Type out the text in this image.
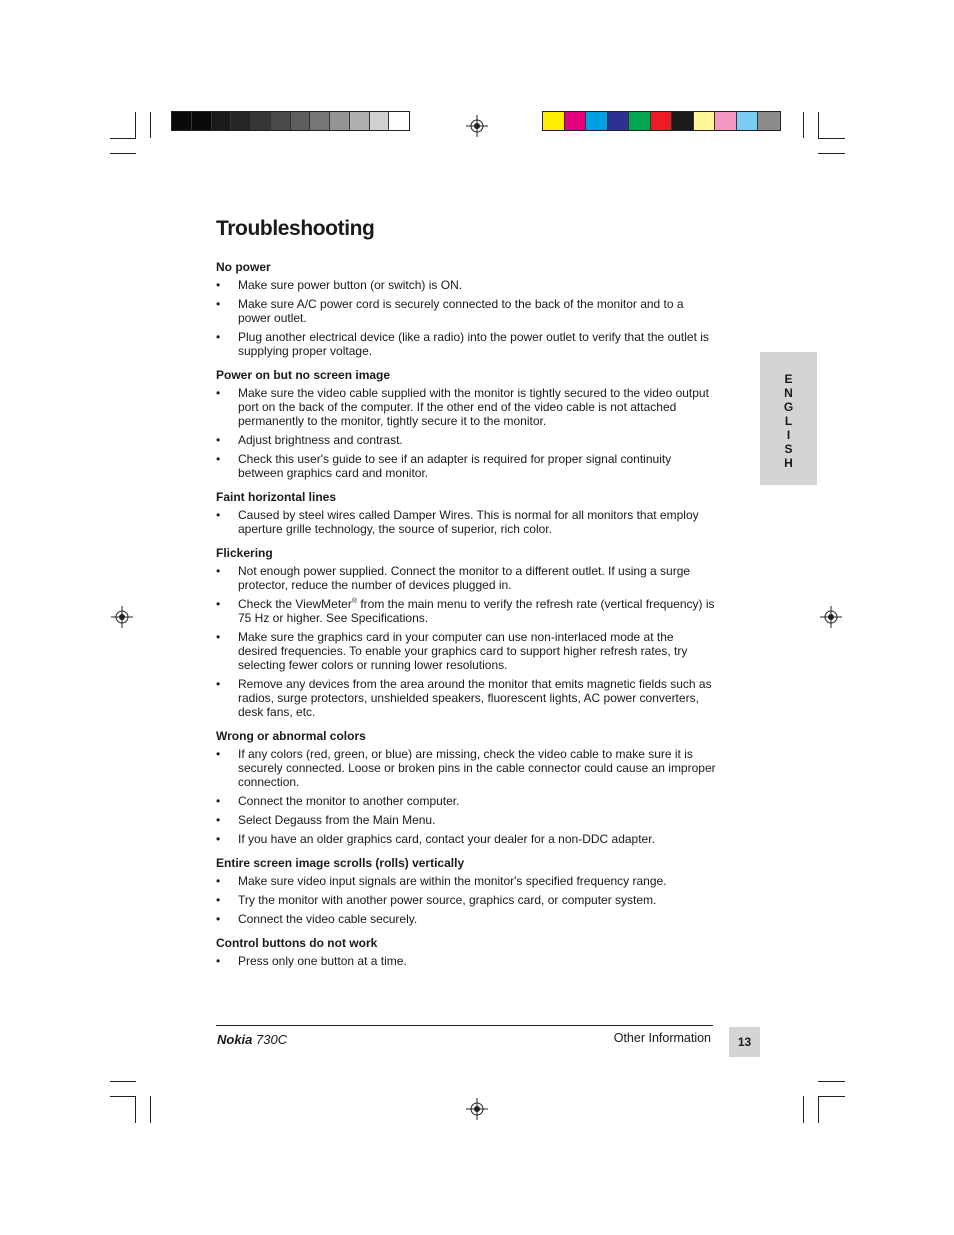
Troubleshooting
No power
• Make sure power button (or switch) is ON.
• Make sure A/C power cord is securely connected to the back of the monitor and to a power outlet.
• Plug another electrical device (like a radio) into the power outlet to verify that the outlet is supplying proper voltage.
Power on but no screen image
• Make sure the video cable supplied with the monitor is tightly secured to the video output port on the back of the computer. If the other end of the video cable is not attached permanently to the monitor, tightly secure it to the monitor.
• Adjust brightness and contrast.
• Check this user's guide to see if an adapter is required for proper signal continuity between graphics card and monitor.
Faint horizontal lines
• Caused by steel wires called Damper Wires. This is normal for all monitors that employ aperture grille technology, the source of superior, rich color.
Flickering
• Not enough power supplied. Connect the monitor to a different outlet. If using a surge protector, reduce the number of devices plugged in.
• Check the ViewMeter® from the main menu to verify the refresh rate (vertical frequency) is 75 Hz or higher. See Specifications.
• Make sure the graphics card in your computer can use non-interlaced mode at the desired frequencies. To enable your graphics card to support higher refresh rates, try selecting fewer colors or running lower resolutions.
• Remove any devices from the area around the monitor that emits magnetic fields such as radios, surge protectors, unshielded speakers, fluorescent lights, AC power converters, desk fans, etc.
Wrong or abnormal colors
• If any colors (red, green, or blue) are missing, check the video cable to make sure it is securely connected. Loose or broken pins in the cable connector could cause an improper connection.
• Connect the monitor to another computer.
• Select Degauss from the Main Menu.
• If you have an older graphics card, contact your dealer for a non-DDC adapter.
Entire screen image scrolls (rolls) vertically
• Make sure video input signals are within the monitor's specified frequency range.
• Try the monitor with another power source, graphics card, or computer system.
• Connect the video cable securely.
Control buttons do not work
• Press only one button at a time.
E
N
G
L
I
S
H
Nokia 730C	Other Information	13
